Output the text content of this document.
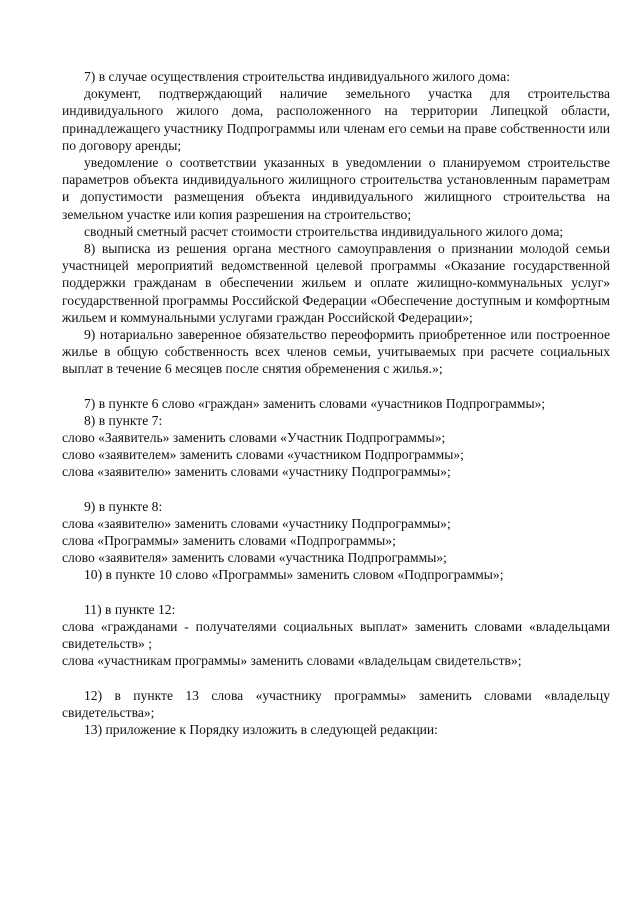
7) в случае осуществления строительства индивидуального жилого дома:

документ, подтверждающий наличие земельного участка для строительства индивидуального жилого дома, расположенного на территории Липецкой области, принадлежащего участнику Подпрограммы или членам его семьи на праве собственности или по договору аренды;

уведомление о соответствии указанных в уведомлении о планируемом строительстве параметров объекта индивидуального жилищного строительства установленным параметрам и допустимости размещения объекта индивидуального жилищного строительства на земельном участке или копия разрешения на строительство;

сводный сметный расчет стоимости строительства индивидуального жилого дома;

8) выписка из решения органа местного самоуправления о признании молодой семьи участницей мероприятий ведомственной целевой программы «Оказание государственной поддержки гражданам в обеспечении жильем и оплате жилищно-коммунальных услуг» государственной программы Российской Федерации «Обеспечение доступным и комфортным жильем и коммунальными услугами граждан Российской Федерации»;

9) нотариально заверенное обязательство переоформить приобретенное или построенное жилье в общую собственность всех членов семьи, учитываемых при расчете социальных выплат в течение 6 месяцев после снятия обременения с жилья.»;

7) в пункте 6 слово «граждан» заменить словами «участников Подпрограммы»;

8) в пункте 7:

слово «Заявитель» заменить словами «Участник Подпрограммы»;

слово «заявителем» заменить словами «участником Подпрограммы»;

слова «заявителю» заменить словами «участнику Подпрограммы»;

9) в пункте 8:

слова «заявителю» заменить словами «участнику Подпрограммы»;

слова «Программы» заменить словами «Подпрограммы»;

слово «заявителя» заменить словами «участника Подпрограммы»;

10) в пункте 10 слово «Программы» заменить словом «Подпрограммы»;

11) в пункте 12:

слова «гражданами - получателями социальных выплат» заменить словами «владельцами свидетельств» ;

слова «участникам программы» заменить словами «владельцам свидетельств»;

12) в пункте 13 слова «участнику программы» заменить словами «владельцу свидетельства»;

13) приложение к Порядку изложить в следующей редакции:
